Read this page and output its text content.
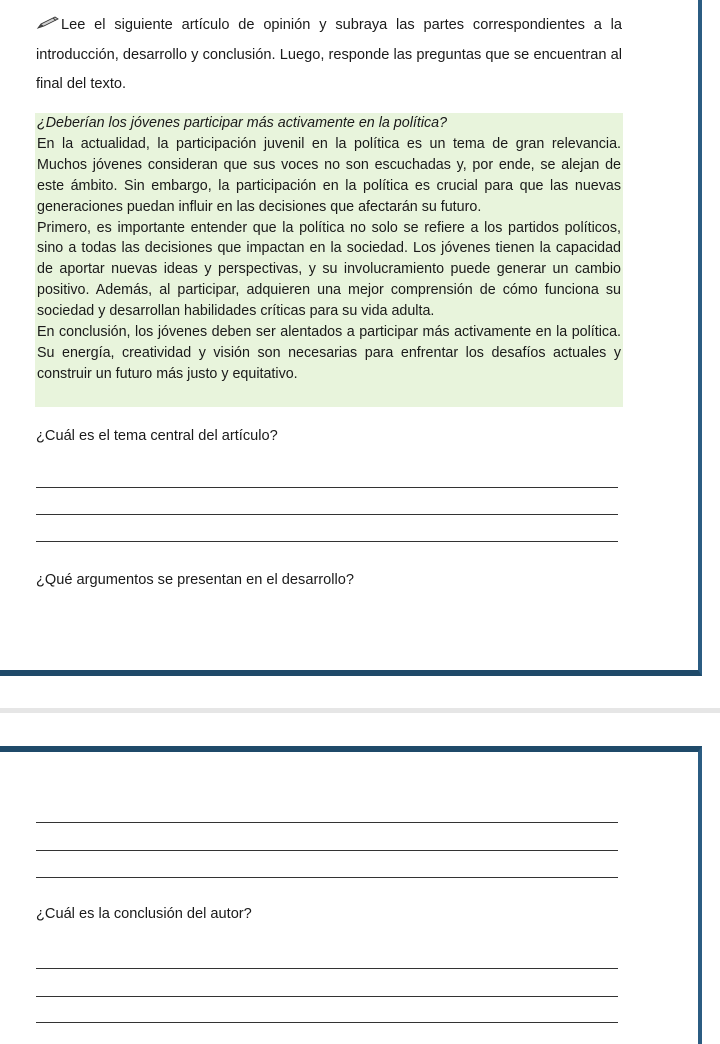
Lee el siguiente artículo de opinión y subraya las partes correspondientes a la introducción, desarrollo y conclusión. Luego, responde las preguntas que se encuentran al final del texto.

¿Deberían los jóvenes participar más activamente en la política?

En la actualidad, la participación juvenil en la política es un tema de gran relevancia. Muchos jóvenes consideran que sus voces no son escuchadas y, por ende, se alejan de este ámbito. Sin embargo, la participación en la política es crucial para que las nuevas generaciones puedan influir en las decisiones que afectarán su futuro.

Primero, es importante entender que la política no solo se refiere a los partidos políticos, sino a todas las decisiones que impactan en la sociedad. Los jóvenes tienen la capacidad de aportar nuevas ideas y perspectivas, y su involucramiento puede generar un cambio positivo. Además, al participar, adquieren una mejor comprensión de cómo funciona su sociedad y desarrollan habilidades críticas para su vida adulta.

En conclusión, los jóvenes deben ser alentados a participar más activamente en la política. Su energía, creatividad y visión son necesarias para enfrentar los desafíos actuales y construir un futuro más justo y equitativo.

¿Cuál es el tema central del artículo?
¿Qué argumentos se presentan en el desarrollo?
¿Cuál es la conclusión del autor?
